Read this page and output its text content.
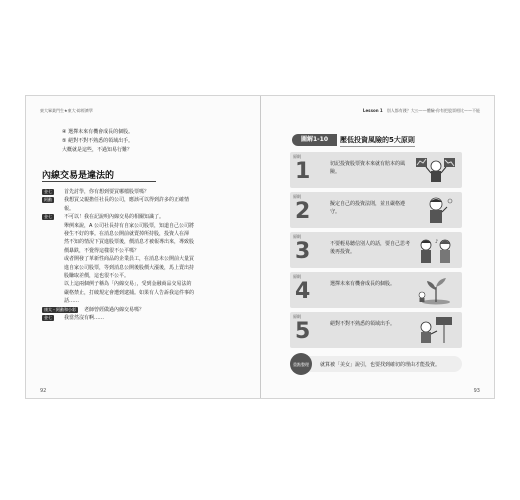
東大畢業門生★東大·綜經濟學
④ 選擇未來有機會成長的個股。
⑤ 絕對不對不熟悉的領域出手。
大概就是這些，不過知易行難？
內線交易是違法的
金七	首先討學，你有想到要買哪檔股票嗎？

阿勳	我想買父親擔任社長的公司，應該可以得到許多的正確情

報。

金七	不可以！我在記說明內線交易的相關知識了。

舉例來說，A 公司社長持有自家公司股票，知道自己公司將

發生不好的事。在消息公開前就賣掉所持股，投資人在渾

然不知的情況下買進股票後，價消息才被報導出來，導致股

價暴跌，不覺得這樣很不公平嗎？

或者開發了革新性商品的企業員工，在消息未公開前大量買

進自家公司股票，等到消息公開後股價大漲後，馬上賣出持

股賺取差價，這也很不公平。

以上這兩個例子稱為「內線交易」，受到金融商品交易法的

嚴格禁止，打破規定會遭到逮捕。如果有人告訴我這件事的

話……

康太・阿勳和小彩	老師曾經做過內線交易嗎？

金七	我當然沒有啊……

92
Lesson 1 別人都有錢？大公——體驗·你有把股票相比——不能
圖解1-10	壓低投資風險的5大原則
原則
1	切記投資股票資本來就有賠本的風險。
原則
2	擬定自己的投資法則，並且嚴格遵守。
原則
3	不要輕易聽信別人的話，要自己思考後再投資。
♪
原則
4	選擇未來有機會成長的個股。
原則
5	絕對不對不熟悉的領域出手。
重點整理	就算被「美女」說引，也要找到確切的理由才能投資。
93
